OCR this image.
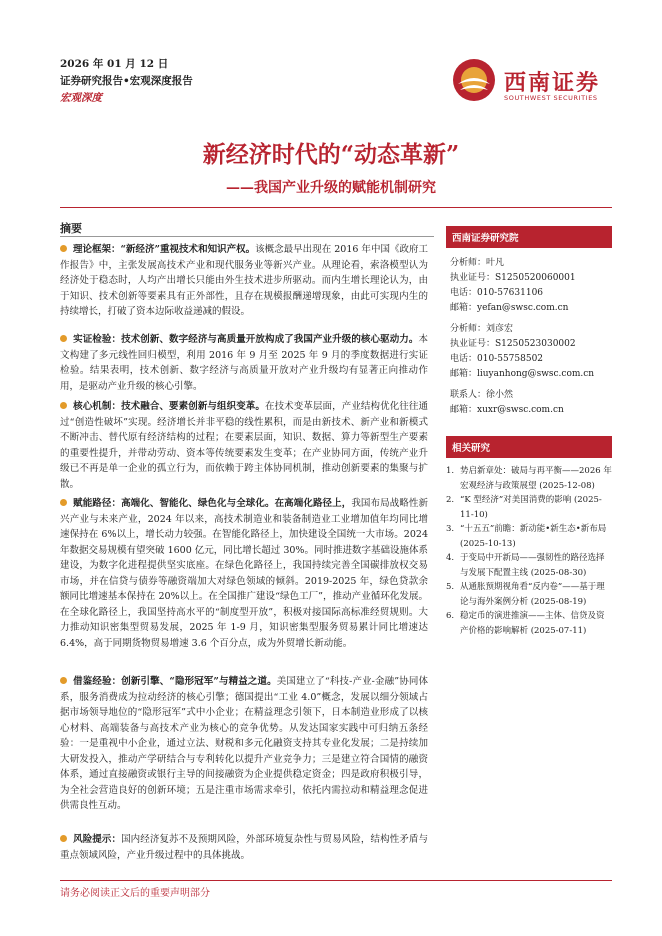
2026 年 01 月 12 日
证券研究报告•宏观深度报告
宏观深度
西南证券
SOUTHWEST SECURITIES
新经济时代的“动态革新”
——我国产业升级的赋能机制研究
摘要
理论框架：“新经济”重视技术和知识产权。该概念最早出现在 2016 年中国《政府工作报告》中，主张发展高技术产业和现代服务业等新兴产业。从理论看，索洛模型认为经济处于稳态时，人均产出增长只能由外生技术进步所驱动。而内生增长理论认为，由于知识、技术创新等要素具有正外部性，且存在规模报酬递增现象，由此可实现内生的持续增长，打破了资本边际收益递减的假设。
实证检验：技术创新、数字经济与高质量开放构成了我国产业升级的核心驱动力。本文构建了多元线性回归模型，利用 2016 年 9 月至 2025 年 9 月的季度数据进行实证检验。结果表明，技术创新、数字经济与高质量开放对产业升级均有显著正向推动作用，是驱动产业升级的核心引擎。
核心机制：技术融合、要素创新与组织变革。在技术变革层面，产业结构优化往往通过“创造性破坏”实现。经济增长并非平稳的线性累积，而是由新技术、新产业和新模式不断冲击、替代原有经济结构的过程；在要素层面，知识、数据、算力等新型生产要素的重要性提升，并带动劳动、资本等传统要素发生变革；在产业协同方面，传统产业升级已不再是单一企业的孤立行为，而依赖于跨主体协同机制，推动创新要素的集聚与扩散。
赋能路径：高端化、智能化、绿色化与全球化。在高端化路径上，我国布局战略性新兴产业与未来产业，2024 年以来，高技术制造业和装备制造业工业增加值年均同比增速保持在 6%以上，增长动力较强。在智能化路径上，加快建设全国统一大市场。2024 年数据交易规模有望突破 1600 亿元，同比增长超过 30%。同时推进数字基础设施体系建设，为数字化进程提供坚实底座。在绿色化路径上，我国持续完善全国碳排放权交易市场，并在信贷与债券等融资端加大对绿色领域的倾斜。2019-2025 年，绿色贷款余额同比增速基本保持在 20%以上。在全国推广建设“绿色工厂”，推动产业循环化发展。在全球化路径上，我国坚持高水平的“制度型开放”，积极对接国际高标准经贸规则。大力推动知识密集型贸易发展，2025 年 1-9 月，知识密集型服务贸易累计同比增速达 6.4%，高于同期货物贸易增速 3.6 个百分点，成为外贸增长新动能。
借鉴经验：创新引擎、“隐形冠军”与精益之道。美国建立了“科技-产业-金融”协同体系，服务消费成为拉动经济的核心引擎；德国提出“工业 4.0”概念，发展以细分领域占据市场领导地位的“隐形冠军”式中小企业；在精益理念引领下，日本制造业形成了以核心材料、高端装备与高技术产业为核心的竞争优势。从发达国家实践中可归纳五条经验：一是重视中小企业，通过立法、财税和多元化融资支持其专业化发展；二是持续加大研发投入，推动产学研结合与专利转化以提升产业竞争力；三是建立符合国情的融资体系，通过直接融资或银行主导的间接融资为企业提供稳定资金；四是政府积极引导，为全社会营造良好的创新环境；五是注重市场需求牵引，依托内需拉动和精益理念促进供需良性互动。
风险提示：国内经济复苏不及预期风险，外部环境复杂性与贸易风险，结构性矛盾与重点领域风险，产业升级过程中的具体挑战。
西南证券研究院
分析师：叶凡
执业证号：S1250520060001
电话：010-57631106
邮箱：yefan@swsc.com.cn
分析师：刘彦宏
执业证号：S1250523030002
电话：010-55758502
邮箱：liuyanhong@swsc.com.cn
联系人：徐小然
邮箱：xuxr@swsc.com.cn
相关研究
1. 势启新章处：破局与再平衡——2026 年宏观经济与政策展望 (2025-12-08)
2. “K 型经济”对美国消费的影响 (2025-11-10)
3. “十五五”前瞻：新动能•新生态•新布局 (2025-10-13)
4. 于变局中开新局——强韧性的路径选择与发展下配置主线 (2025-08-30)
5. 从通胀预期视角看“反内卷”——基于理论与海外案例分析 (2025-08-19)
6. 稳定币的演进推演——主体、信贷及资产价格的影响解析 (2025-07-11)
请务必阅读正文后的重要声明部分
